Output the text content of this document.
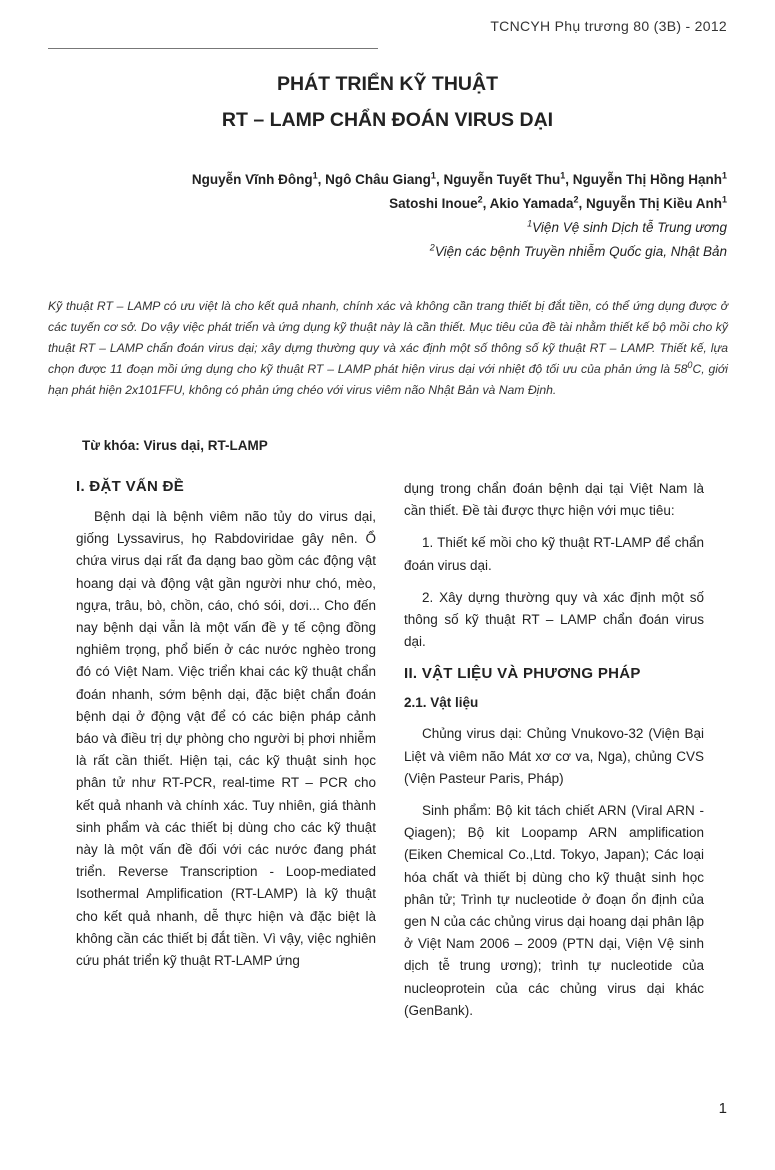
TCNCYH Phụ trương 80 (3B) - 2012
PHÁT TRIỂN KỸ THUẬT
RT – LAMP CHẨN ĐOÁN VIRUS DẠI
Nguyễn Vĩnh Đông$^1$, Ngô Châu Giang$^1$, Nguyễn Tuyết Thu$^1$, Nguyễn Thị Hồng Hạnh$^1$
Satoshi Inoue$^2$, Akio Yamada$^2$, Nguyễn Thị Kiều Anh$^1$
$^1$Viện Vệ sinh Dịch tễ Trung ương
$^2$Viện các bệnh Truyền nhiễm Quốc gia, Nhật Bản
Kỹ thuật RT – LAMP có ưu việt là cho kết quả nhanh, chính xác và không cần trang thiết bị đắt tiền, có thể ứng dụng được ở các tuyến cơ sở. Do vậy việc phát triển và ứng dụng kỹ thuật này là cần thiết. Mục tiêu của đề tài nhằm thiết kế bộ mồi cho kỹ thuật RT – LAMP chẩn đoán virus dại; xây dựng thường quy và xác định một số thông số kỹ thuật RT – LAMP. Thiết kế, lựa chọn được 11 đoạn mồi ứng dụng cho kỹ thuật RT – LAMP phát hiện virus dại với nhiệt độ tối ưu của phản ứng là $58^0C$, giới hạn phát hiện 2x101FFU, không có phản ứng chéo với virus viêm não Nhật Bản và Nam Định.
Từ khóa: Virus dại, RT-LAMP
I. ĐẶT VẤN ĐỀ

Bệnh dại là bệnh viêm não tủy do virus dại, giống Lyssavirus, họ Rabdoviridae gây nên. Ổ chứa virus dại rất đa dạng bao gồm các động vật hoang dại và động vật gần người như chó, mèo, ngựa, trâu, bò, chồn, cáo, chó sói, dơi... Cho đến nay bệnh dại vẫn là một vấn đề y tế cộng đồng nghiêm trọng, phổ biến ở các nước nghèo trong đó có Việt Nam. Việc triển khai các kỹ thuật chẩn đoán nhanh, sớm bệnh dại, đặc biệt chẩn đoán bệnh dại ở động vật để có các biện pháp cảnh báo và điều trị dự phòng cho người bị phơi nhiễm là rất cần thiết. Hiện tại, các kỹ thuật sinh học phân tử như RT-PCR, real-time RT – PCR cho kết quả nhanh và chính xác. Tuy nhiên, giá thành sinh phẩm và các thiết bị dùng cho các kỹ thuật này là một vấn đề đối với các nước đang phát triển. Reverse Transcription - Loop-mediated Isothermal Amplification (RT-LAMP) là kỹ thuật cho kết quả nhanh, dễ thực hiện và đặc biệt là không cần các thiết bị đắt tiền. Vì vậy, việc nghiên cứu phát triển kỹ thuật RT-LAMP ứng

dụng trong chẩn đoán bệnh dại tại Việt Nam là cần thiết. Đề tài được thực hiện với mục tiêu:

1. Thiết kế mồi cho kỹ thuật RT-LAMP để chẩn đoán virus dại.

2. Xây dựng thường quy và xác định một số thông số kỹ thuật RT – LAMP chẩn đoán virus dại.

II. VẬT LIỆU VÀ PHƯƠNG PHÁP
2.1. Vật liệu

Chủng virus dại: Chủng Vnukovo-32 (Viện Bại Liệt và viêm não Mát xơ cơ va, Nga), chủng CVS (Viện Pasteur Paris, Pháp)

Sinh phẩm: Bộ kit tách chiết ARN (Viral ARN - Qiagen); Bộ kit Loopamp ARN amplification (Eiken Chemical Co.,Ltd. Tokyo, Japan); Các loại hóa chất và thiết bị dùng cho kỹ thuật sinh học phân tử; Trình tự nucleotide ở đoạn ổn định của gen N của các chủng virus dại hoang dại phân lập ở Việt Nam 2006 – 2009 (PTN dại, Viện Vệ sinh dịch tễ trung ương); trình tự nucleotide của nucleoprotein của các chủng virus dại khác (GenBank).

1
